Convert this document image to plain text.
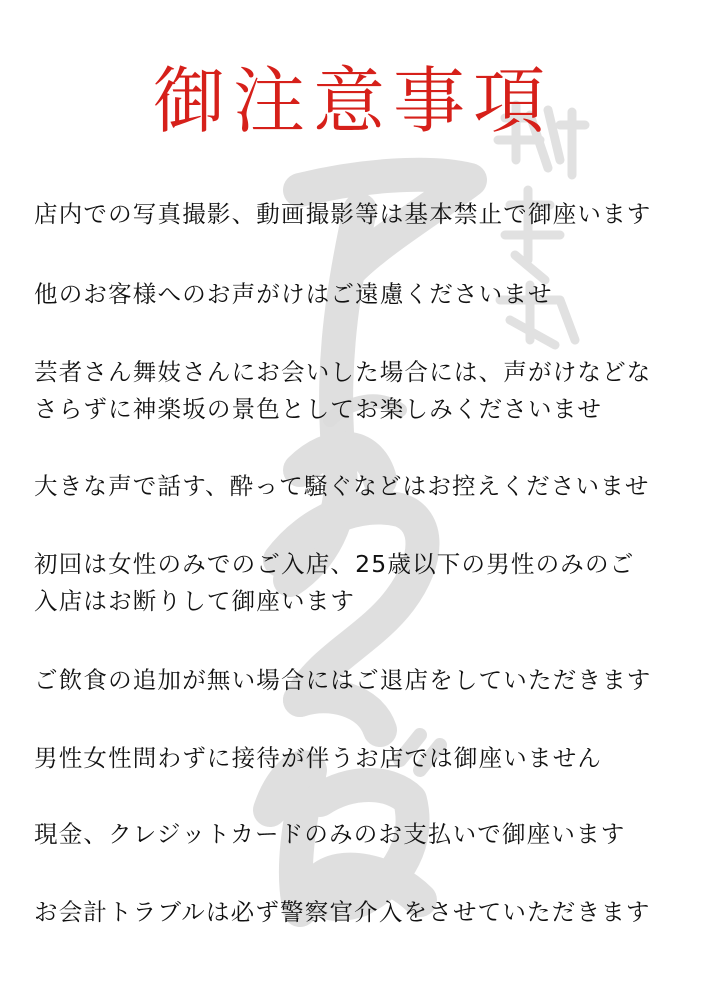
御注意事項
店内での写真撮影、動画撮影等は基本禁止で御座います
他のお客様へのお声がけはご遠慮くださいませ
芸者さん舞妓さんにお会いした場合には、声がけなどな
さらずに神楽坂の景色としてお楽しみくださいませ
大きな声で話す、酔って騒ぐなどはお控えくださいませ
初回は女性のみでのご入店、25歳以下の男性のみのご
入店はお断りして御座います
ご飲食の追加が無い場合にはご退店をしていただきます
男性女性問わずに接待が伴うお店では御座いません
現金、クレジットカードのみのお支払いで御座います
お会計トラブルは必ず警察官介入をさせていただきます
